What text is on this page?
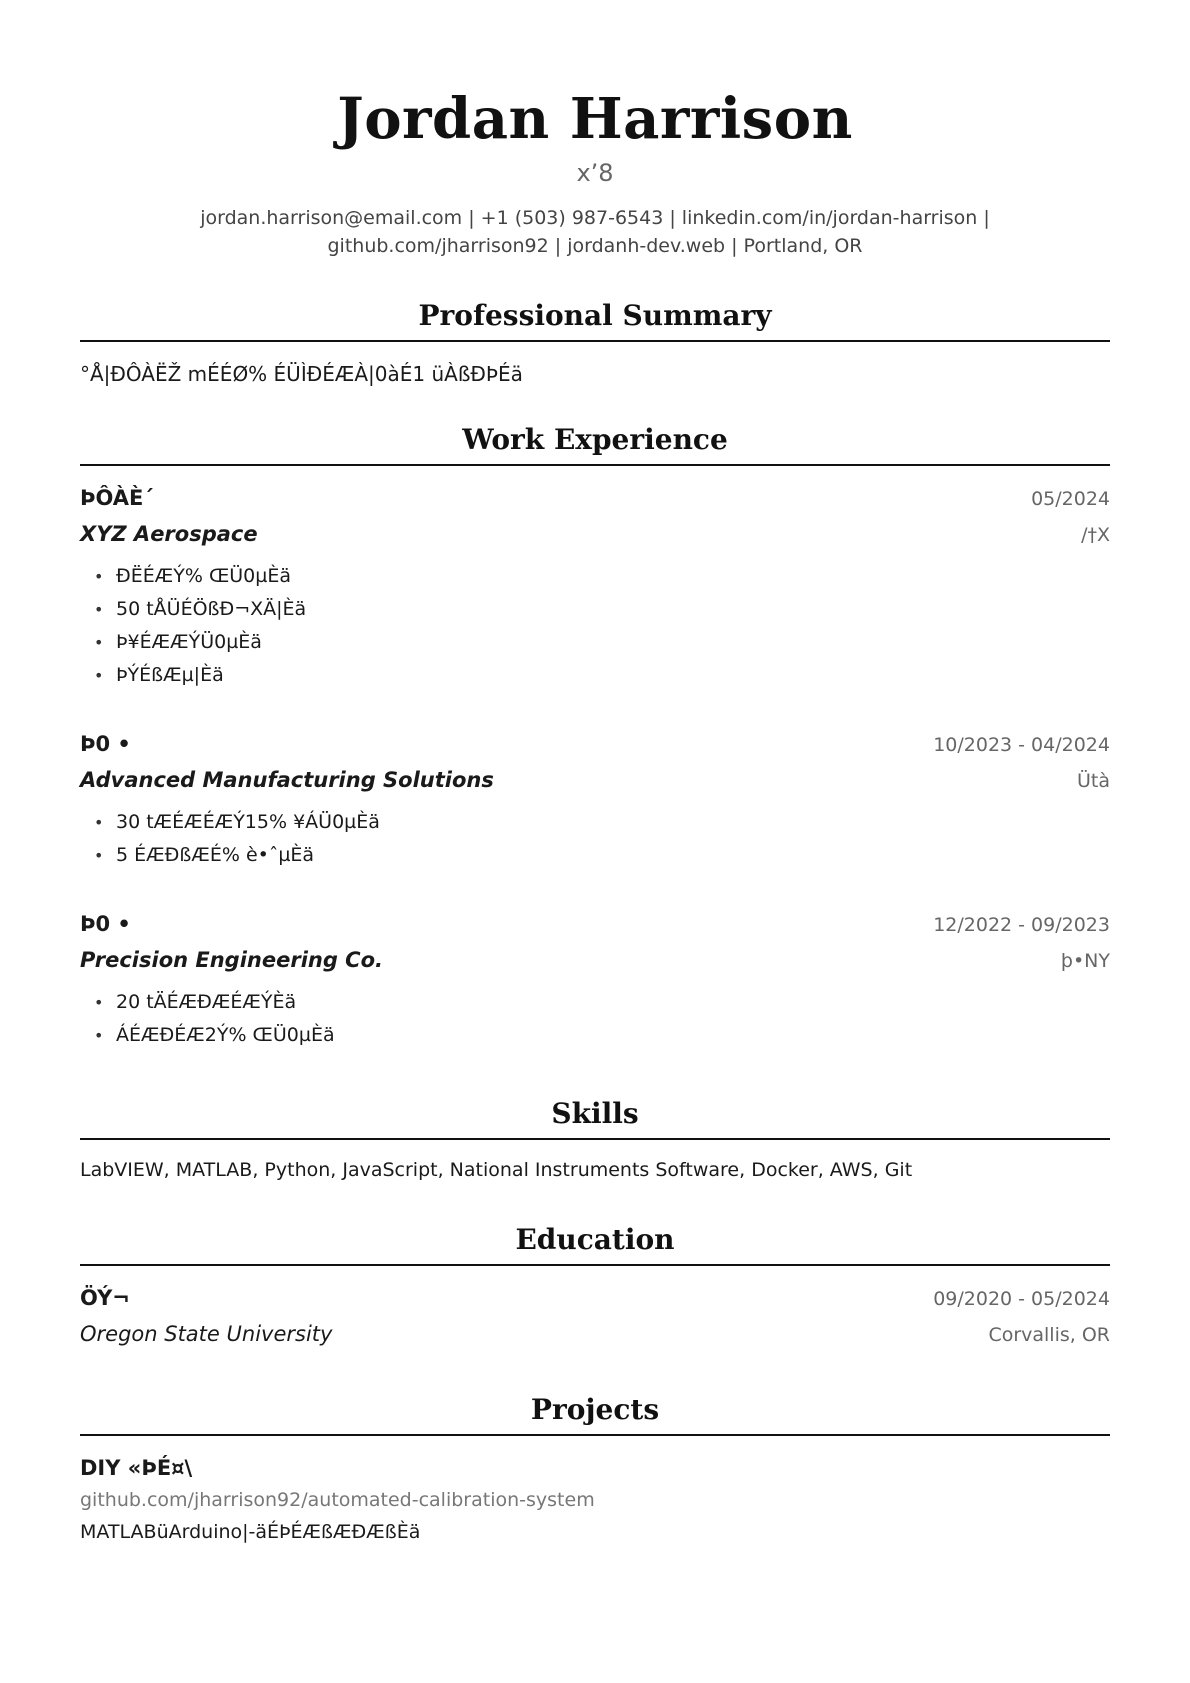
Jordan Harrison
x’8
jordan.harrison@email.com | +1 (503) 987-6543 | linkedin.com/in/jordan-harrison | github.com/jharrison92 | jordanh-dev.web | Portland, OR
Professional Summary
°Å|ÐÔÀËŽ mÉÉØ% ÉÜÌÐÉÆÀ|0àÉ1 üÀßÐÞÉä
Work Experience
ÞÔÀÈ´	05/2024
XYZ Aerospace	/†X
• ÐËÉÆÝ% ŒÜ0µÈä
• 50 tÅÜÉÖßÐ¬XÄ|Èä
• Þ¥ÉÆÆÝÜ0µÈä
• ÞÝÉßÆµ|Èä
Þ0 •	10/2023 - 04/2024
Advanced Manufacturing Solutions	Ütà
• 30 tÆÉÆÉÆÝ15% ¥ÁÜ0µÈä
• 5 ÉÆÐßÆÉ% è•ˆµÈä
Þ0 •	12/2022 - 09/2023
Precision Engineering Co.	þ•NY
• 20 tÄÉÆÐÆÉÆÝÈä
• ÁÉÆÐÉÆ2Ý% ŒÜ0µÈä
Skills
LabVIEW, MATLAB, Python, JavaScript, National Instruments Software, Docker, AWS, Git
Education
ÖÝ¬	09/2020 - 05/2024
Oregon State University	Corvallis, OR
Projects
DIY «ÞÉ¤\
github.com/jharrison92/automated-calibration-system
MATLABüArduino|-äÉÞÉÆßÆÐÆßÈä
